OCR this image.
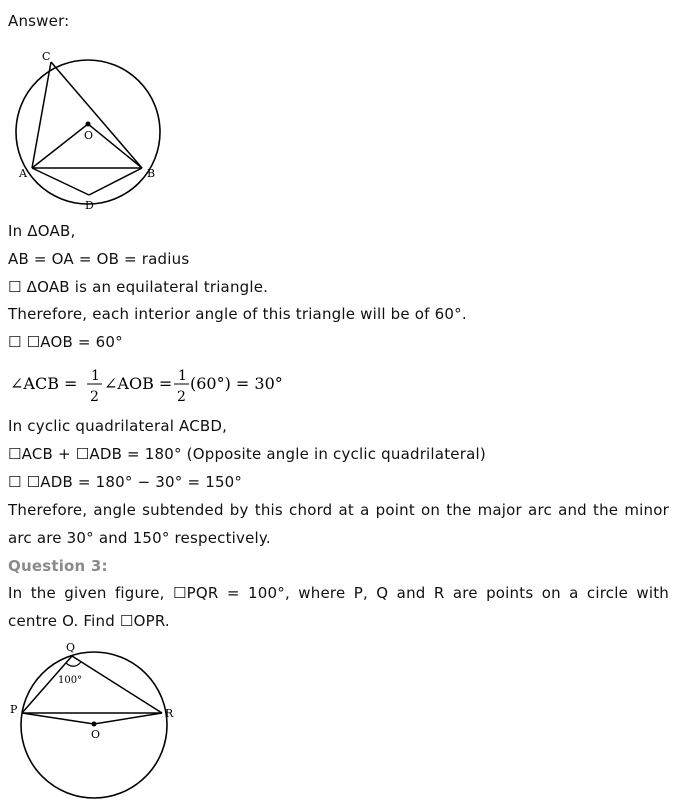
Answer:
C
O
A	B
D
In ΔOAB,
AB = OA = OB = radius
☐ ΔOAB is an equilateral triangle.
Therefore, each interior angle of this triangle will be of 60°.
☐ ☐AOB = 60°
∠ACB = 1
2
∠AOB = 1
2
(60°) = 30°
In cyclic quadrilateral ACBD,
☐ACB + ☐ADB = 180° (Opposite angle in cyclic quadrilateral)
☐ ☐ADB = 180° − 30° = 150°
Therefore, angle subtended by this chord at a point on the major arc and the minor
arc are 30° and 150° respectively.
Question 3:
In the given figure, ☐PQR = 100°, where P, Q and R are points on a circle with
centre O. Find ☐OPR.
Q
100°
P	R
O
